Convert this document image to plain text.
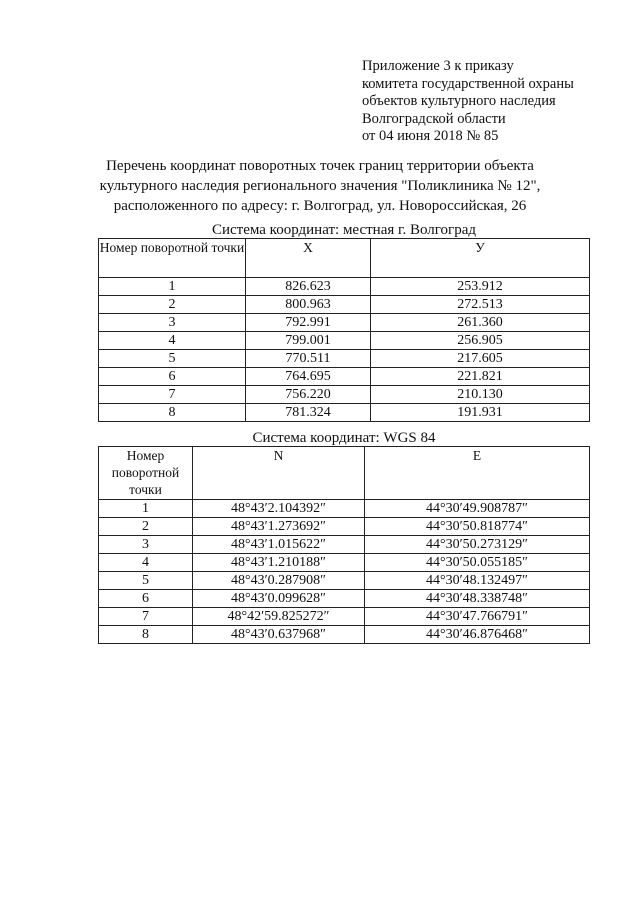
Приложение 3 к приказу
комитета государственной охраны
объектов культурного наследия
Волгоградской области
от 04 июня 2018 № 85
Перечень координат поворотных точек границ территории объекта
культурного наследия регионального значения "Поликлиника № 12",
расположенного по адресу: г. Волгоград, ул. Новороссийская, 26
Система координат: местная г. Волгоград
Номер поворотной точки	Х	У
1	826.623	253.912
2	800.963	272.513
3	792.991	261.360
4	799.001	256.905
5	770.511	217.605
6	764.695	221.821
7	756.220	210.130
8	781.324	191.931
Система координат: WGS 84
Номер поворотной точки	N	E
1	48°43′2.104392″	44°30′49.908787″
2	48°43′1.273692″	44°30′50.818774″
3	48°43′1.015622″	44°30′50.273129″
4	48°43′1.210188″	44°30′50.055185″
5	48°43′0.287908″	44°30′48.132497″
6	48°43′0.099628″	44°30′48.338748″
7	48°42′59.825272″	44°30′47.766791″
8	48°43′0.637968″	44°30′46.876468″
